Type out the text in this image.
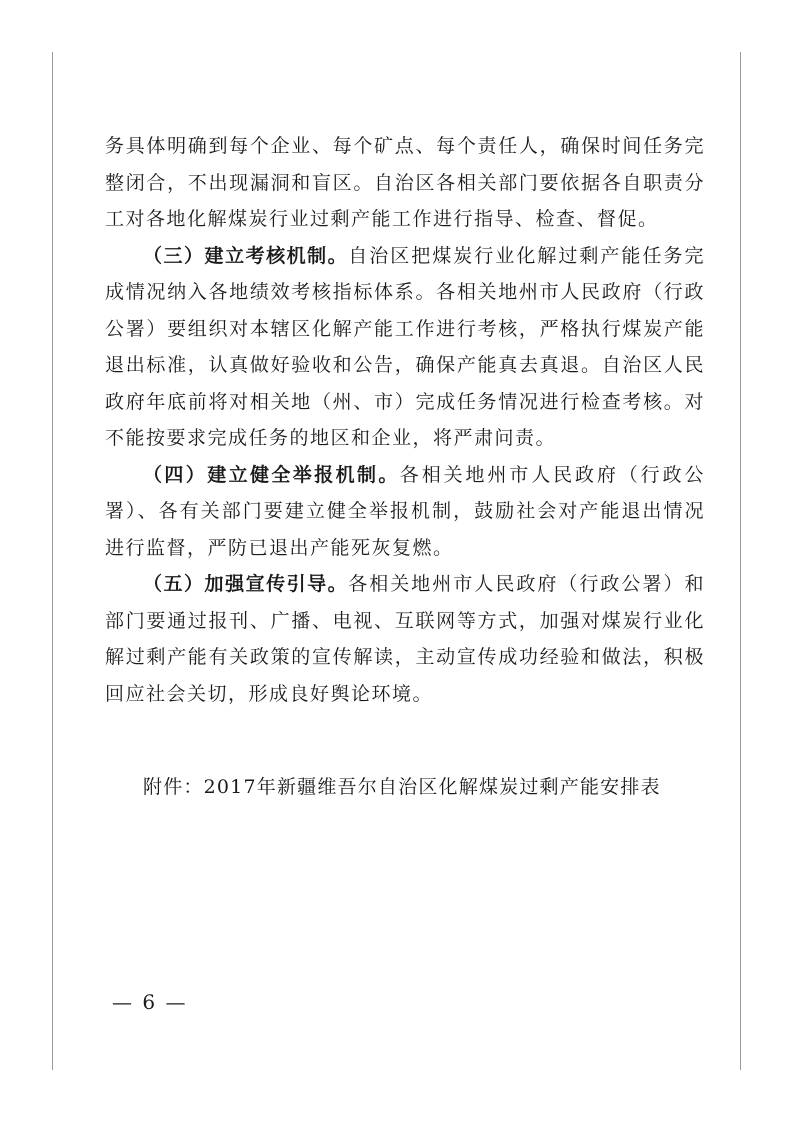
务具体明确到每个企业、每个矿点、每个责任人，确保时间任务完整闭合，不出现漏洞和盲区。自治区各相关部门要依据各自职责分工对各地化解煤炭行业过剩产能工作进行指导、检查、督促。

（三）建立考核机制。自治区把煤炭行业化解过剩产能任务完成情况纳入各地绩效考核指标体系。各相关地州市人民政府（行政公署）要组织对本辖区化解产能工作进行考核，严格执行煤炭产能退出标准，认真做好验收和公告，确保产能真去真退。自治区人民政府年底前将对相关地（州、市）完成任务情况进行检查考核。对不能按要求完成任务的地区和企业，将严肃问责。

（四）建立健全举报机制。各相关地州市人民政府（行政公署）、各有关部门要建立健全举报机制，鼓励社会对产能退出情况进行监督，严防已退出产能死灰复燃。

（五）加强宣传引导。各相关地州市人民政府（行政公署）和部门要通过报刊、广播、电视、互联网等方式，加强对煤炭行业化解过剩产能有关政策的宣传解读，主动宣传成功经验和做法，积极回应社会关切，形成良好舆论环境。

附件：2017年新疆维吾尔自治区化解煤炭过剩产能安排表
— 6 —
